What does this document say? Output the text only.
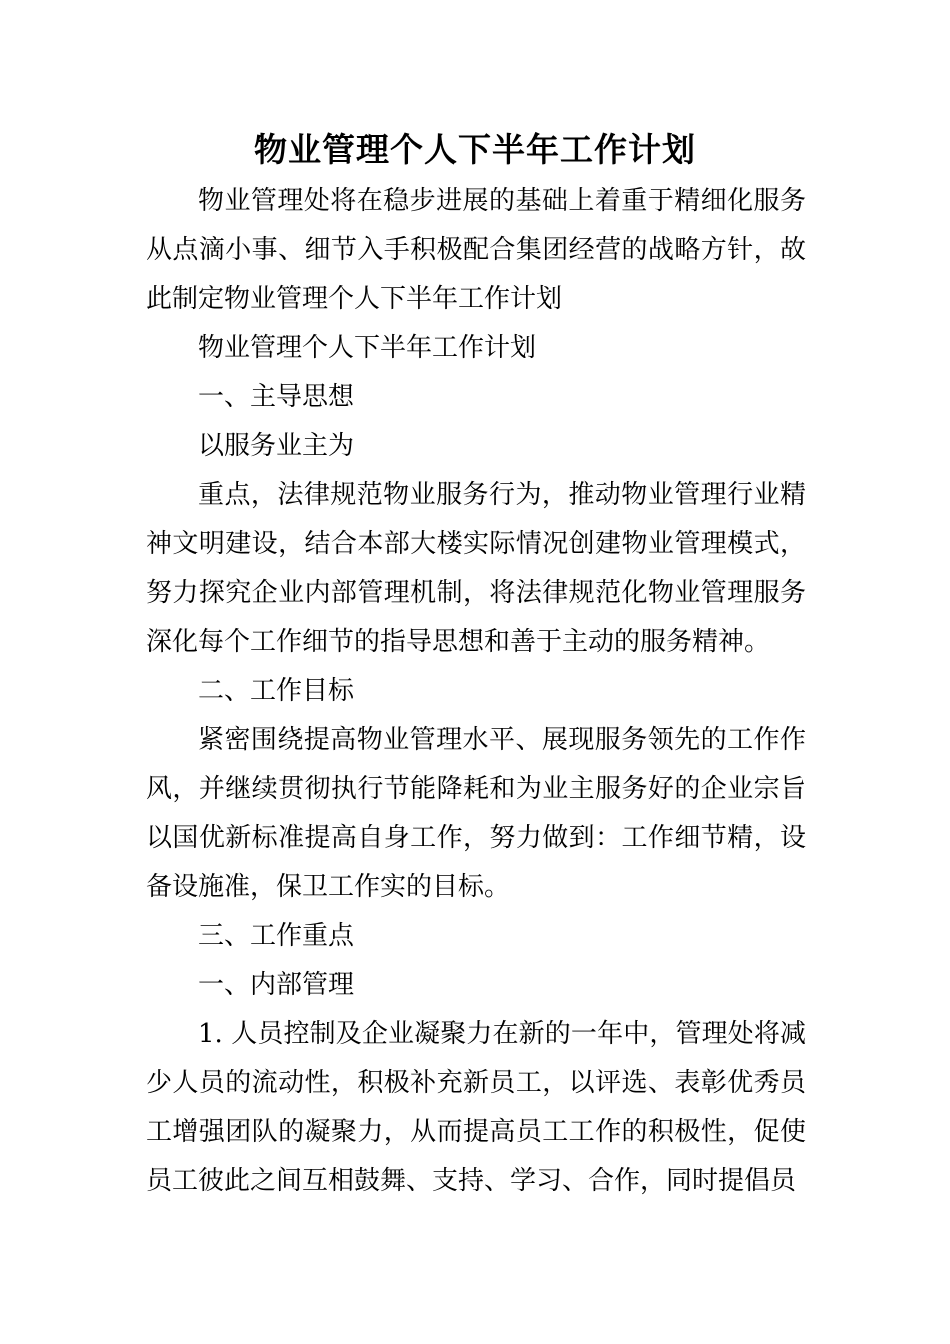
物业管理个人下半年工作计划

物业管理处将在稳步进展的基础上着重于精细化服务从点滴小事、细节入手积极配合集团经营的战略方针，故此制定物业管理个人下半年工作计划

物业管理个人下半年工作计划

一、主导思想

以服务业主为

重点，法律规范物业服务行为，推动物业管理行业精神文明建设，结合本部大楼实际情况创建物业管理模式，努力探究企业内部管理机制，将法律规范化物业管理服务深化每个工作细节的指导思想和善于主动的服务精神。

二、工作目标

紧密围绕提高物业管理水平、展现服务领先的工作作风，并继续贯彻执行节能降耗和为业主服务好的企业宗旨以国优新标准提高自身工作，努力做到：工作细节精，设备设施准，保卫工作实的目标。

三、工作重点

一、内部管理

1. 人员控制及企业凝聚力在新的一年中，管理处将减少人员的流动性，积极补充新员工，以评选、表彰优秀员工增强团队的凝聚力，从而提高员工工作的积极性，促使员工彼此之间互相鼓舞、支持、学习、合作，同时提倡员
